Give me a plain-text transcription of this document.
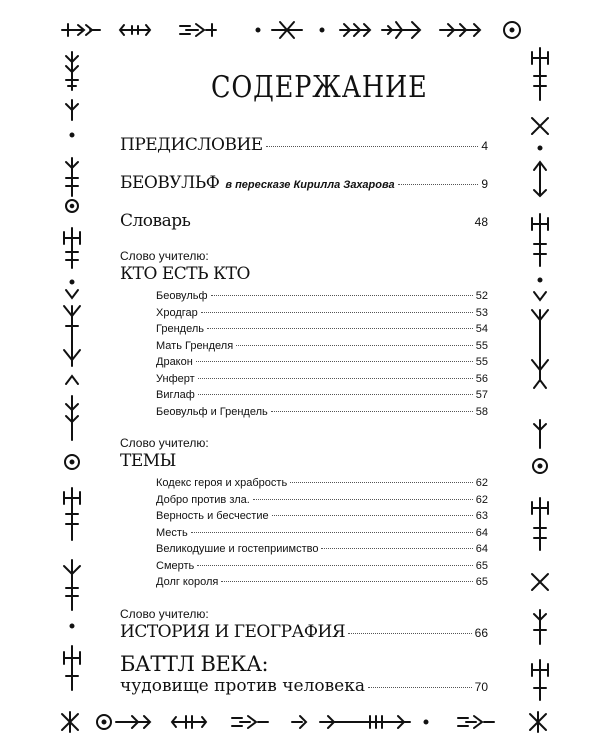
СОДЕРЖАНИЕ
ПРЕДИСЛОВИЕ	4
БЕОВУЛЬФ в пересказе Кирилла Захарова	9
Словарь	48
Слово учителю:
КТО ЕСТЬ КТО
Беовульф	52
Хродгар	53
Грендель	54
Мать Гренделя	55
Дракон	55
Унферт	56
Виглаф	57
Беовульф и Грендель	58
Слово учителю:
ТЕМЫ
Кодекс героя и храбрость	62
Добро против зла.	62
Верность и бесчестие	63
Месть	64
Великодушие и гостеприимство	64
Смерть	65
Долг короля	65
Слово учителю:
ИСТОРИЯ И ГЕОГРАФИЯ	66
БАТТЛ ВЕКА:
чудовище против человека	70
